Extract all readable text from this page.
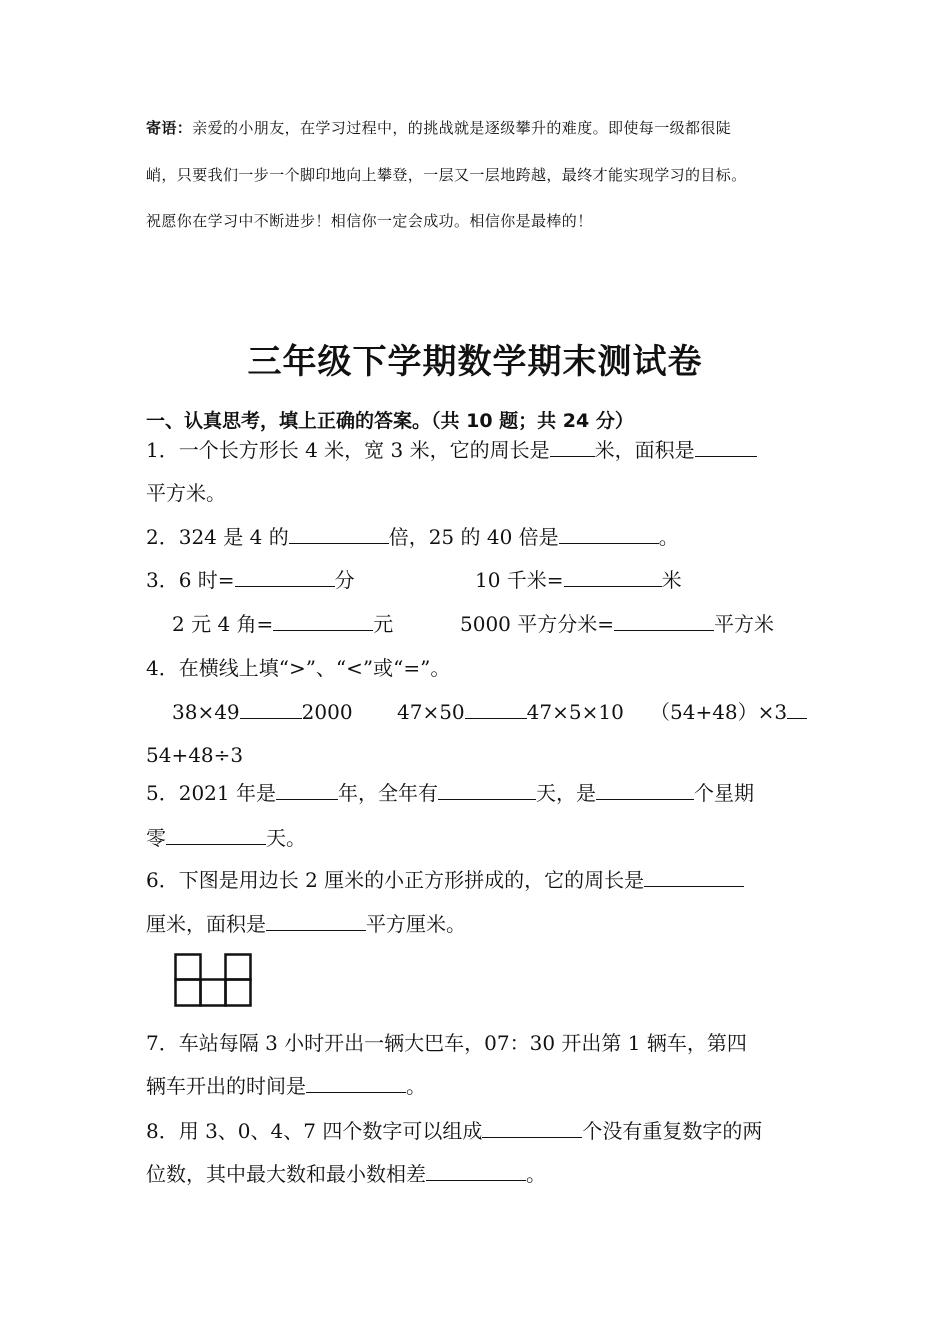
寄语：亲爱的小朋友，在学习过程中，的挑战就是逐级攀升的难度。即使每一级都很陡
峭，只要我们一步一个脚印地向上攀登，一层又一层地跨越，最终才能实现学习的目标。
祝愿你在学习中不断进步！相信你一定会成功。相信你是最棒的！
三年级下学期数学期末测试卷
一、认真思考，填上正确的答案。（共 10 题；共 24 分）
1．一个长方形长 4 米，宽 3 米，它的周长是 米，面积是
平方米。
2．324 是 4 的	倍，25 的 40 倍是	。
3．6 时=	分	10 千米=	米
2 元 4 角=	元	5000 平方分米=	平方米
4．在横线上填“>”、“<”或“=”。
38×49	2000 47×50	47×5×10 （54+48）×3
54+48÷3
5．2021 年是	年，全年有	天，是	个星期
零	天。
6．下图是用边长 2 厘米的小正方形拼成的，它的周长是
厘米，面积是	平方厘米。
7．车站每隔 3 小时开出一辆大巴车，07：30 开出第 1 辆车，第四
辆车开出的时间是	。
8．用 3、0、4、7 四个数字可以组成	个没有重复数字的两
位数，其中最大数和最小数相差	。
